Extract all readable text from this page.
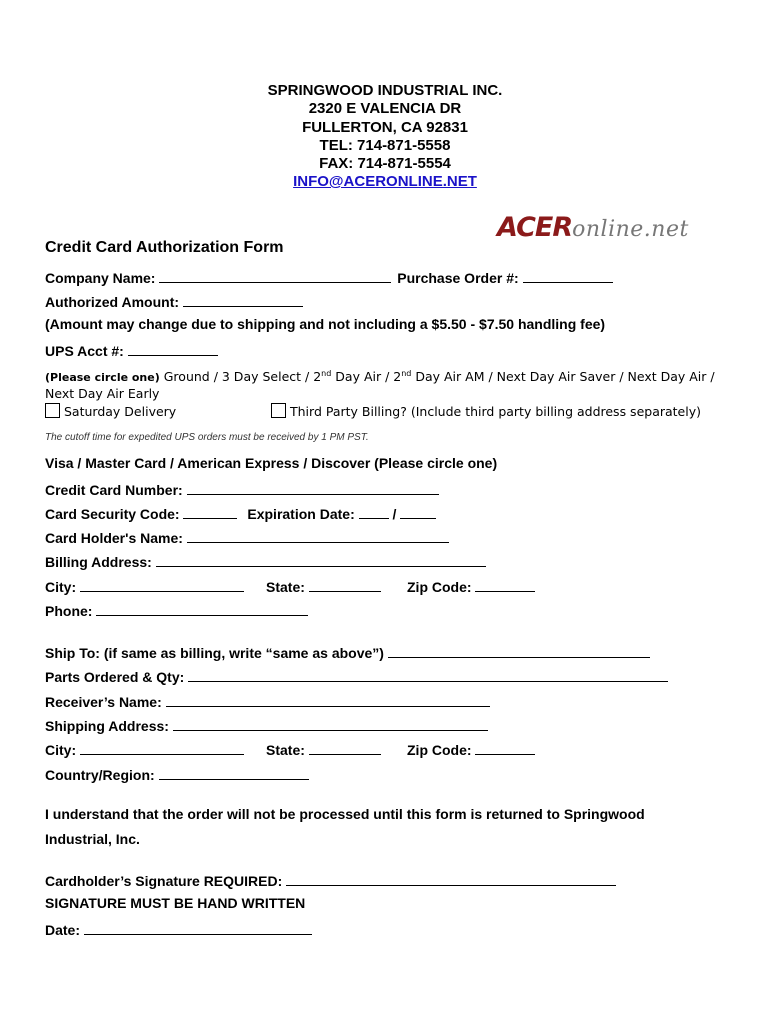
SPRINGWOOD INDUSTRIAL INC.
2320 E VALENCIA DR
FULLERTON, CA 92831
TEL: 714-871-5558
FAX: 714-871-5554
INFO@ACERONLINE.NET
ACERonline.net
Credit Card Authorization Form
Company Name:	Purchase Order #:
Authorized Amount:
(Amount may change due to shipping and not including a $5.50 - $7.50 handling fee)
UPS Acct #:
(Please circle one) Ground / 3 Day Select / 2nd Day Air / 2nd Day Air AM / Next Day Air Saver / Next Day Air /
Next Day Air Early
Saturday Delivery	Third Party Billing? (Include third party billing address separately)
The cutoff time for expedited UPS orders must be received by 1 PM PST.
Visa / Master Card / American Express / Discover (Please circle one)
Credit Card Number:
Card Security Code:	Expiration Date:	/
Card Holder's Name:
Billing Address:
City:	State:	Zip Code:
Phone:
Ship To: (if same as billing, write “same as above”)
Parts Ordered & Qty:
Receiver’s Name:
Shipping Address:
City:	State:	Zip Code:
Country/Region:
I understand that the order will not be processed until this form is returned to Springwood
Industrial, Inc.
Cardholder’s Signature REQUIRED:
SIGNATURE MUST BE HAND WRITTEN
Date:
